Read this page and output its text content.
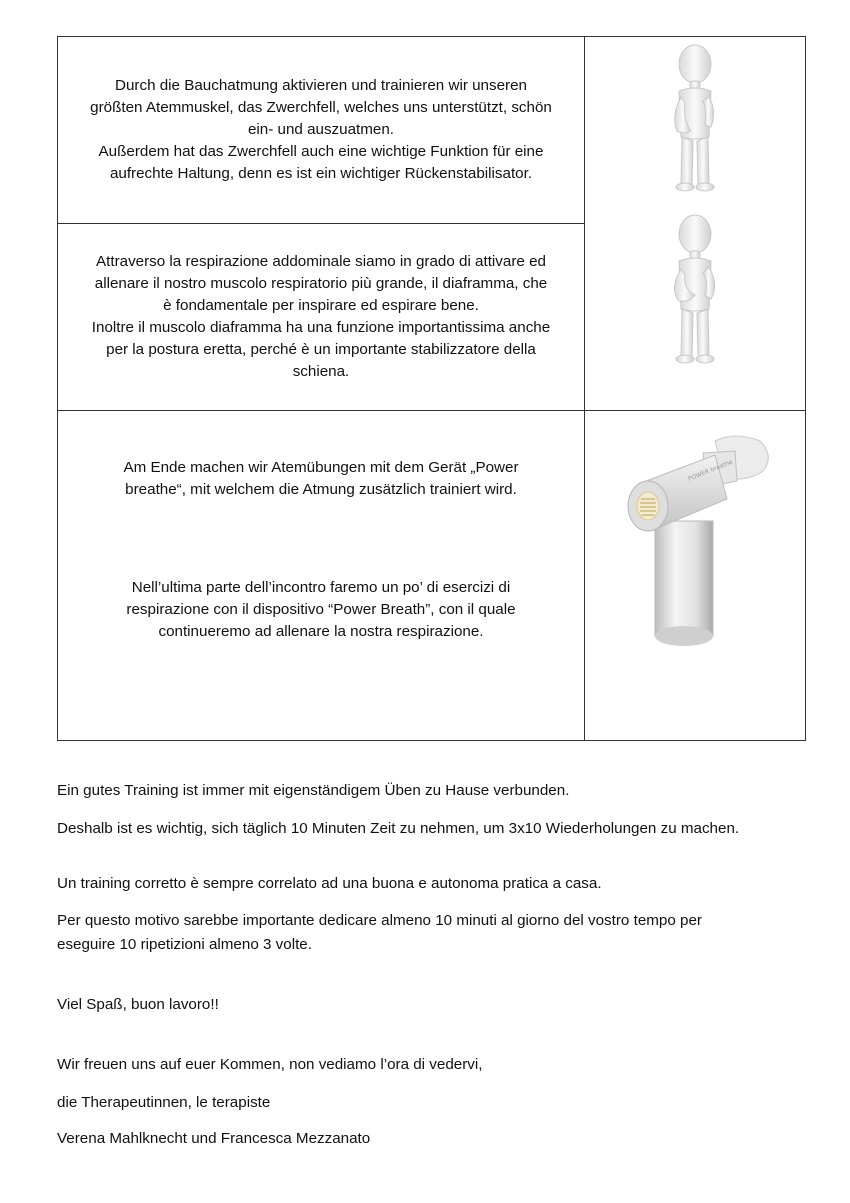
Durch die Bauchatmung aktivieren und trainieren wir unseren
größten Atemmuskel, das Zwerchfell, welches uns unterstützt, schön
ein- und auszuatmen.
Außerdem hat das Zwerchfell auch eine wichtige Funktion für eine
aufrechte Haltung, denn es ist ein wichtiger Rückenstabilisator.

Attraverso la respirazione addominale siamo in grado di attivare ed
allenare il nostro muscolo respiratorio più grande, il diaframma, che
è fondamentale per inspirare ed espirare bene.
Inoltre il muscolo diaframma ha una funzione importantissima anche
per la postura eretta, perché è un importante stabilizzatore della
schiena.

Am Ende machen wir Atemübungen mit dem Gerät „Power
breathe“, mit welchem die Atmung zusätzlich trainiert wird.

Nell’ultima parte dell’incontro faremo un po’ di esercizi di
respirazione con il dispositivo “Power Breath”, con il quale
continueremo ad allenare la nostra respirazione.

POWER breathe

Ein gutes Training ist immer mit eigenständigem Üben zu Hause verbunden.

Deshalb ist es wichtig, sich täglich 10 Minuten Zeit zu nehmen, um 3x10 Wiederholungen zu machen.

Un training corretto è sempre correlato ad una buona e autonoma pratica a casa.

Per questo motivo sarebbe importante dedicare almeno 10 minuti al giorno del vostro tempo per

eseguire 10 ripetizioni almeno 3 volte.

Viel Spaß, buon lavoro!!

Wir freuen uns auf euer Kommen, non vediamo l’ora di vedervi,

die Therapeutinnen, le terapiste

Verena Mahlknecht und Francesca Mezzanato
